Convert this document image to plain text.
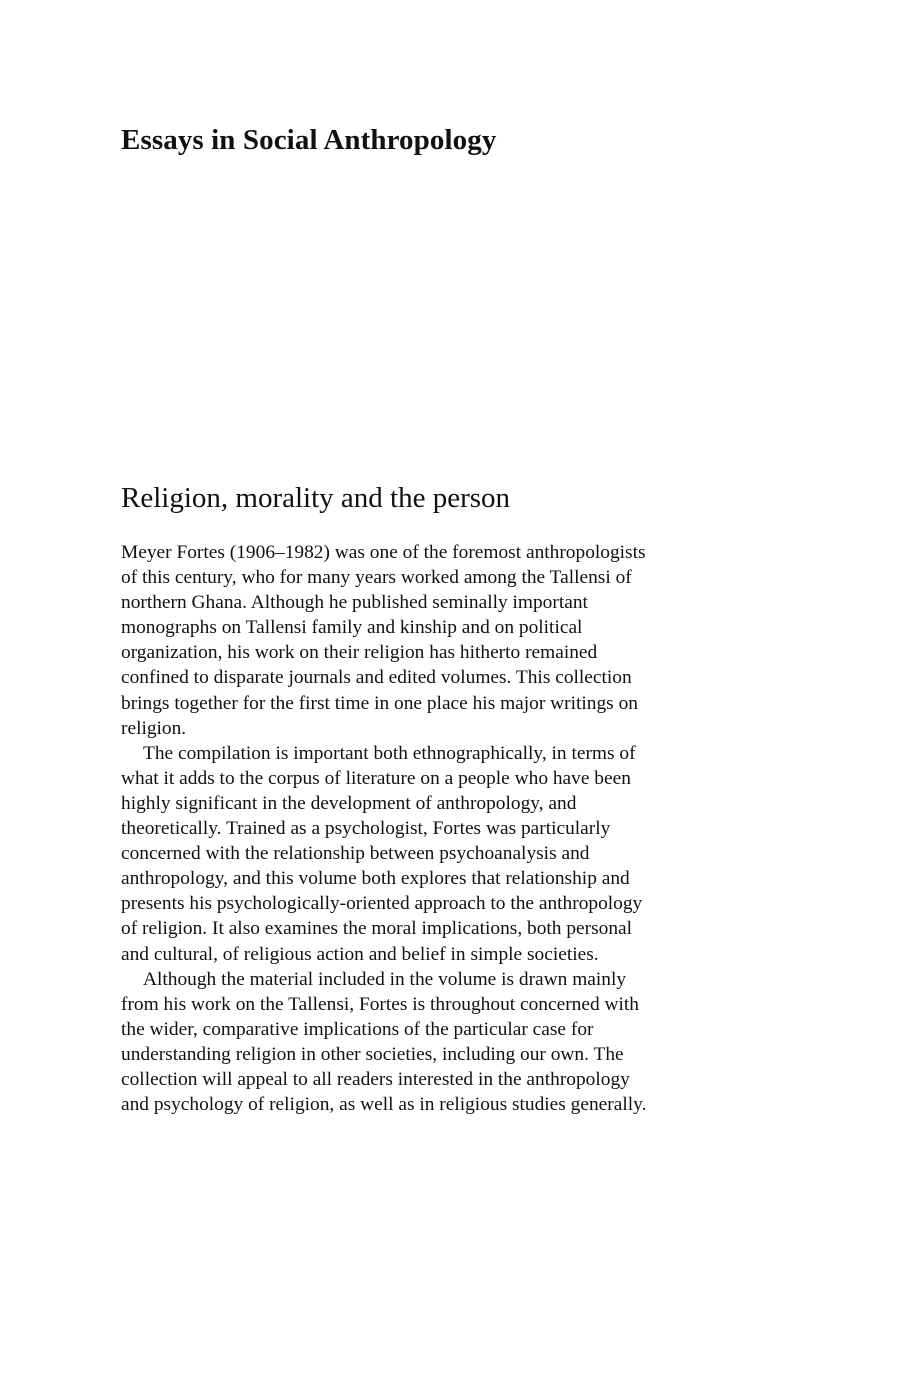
Essays in Social Anthropology
Religion, morality and the person

Meyer Fortes (1906–1982) was one of the foremost anthropologists
of this century, who for many years worked among the Tallensi of
northern Ghana. Although he published seminally important
monographs on Tallensi family and kinship and on political
organization, his work on their religion has hitherto remained
confined to disparate journals and edited volumes. This collection
brings together for the first time in one place his major writings on
religion.

The compilation is important both ethnographically, in terms of
what it adds to the corpus of literature on a people who have been
highly significant in the development of anthropology, and
theoretically. Trained as a psychologist, Fortes was particularly
concerned with the relationship between psychoanalysis and
anthropology, and this volume both explores that relationship and
presents his psychologically-oriented approach to the anthropology
of religion. It also examines the moral implications, both personal
and cultural, of religious action and belief in simple societies.

Although the material included in the volume is drawn mainly
from his work on the Tallensi, Fortes is throughout concerned with
the wider, comparative implications of the particular case for
understanding religion in other societies, including our own. The
collection will appeal to all readers interested in the anthropology
and psychology of religion, as well as in religious studies generally.
